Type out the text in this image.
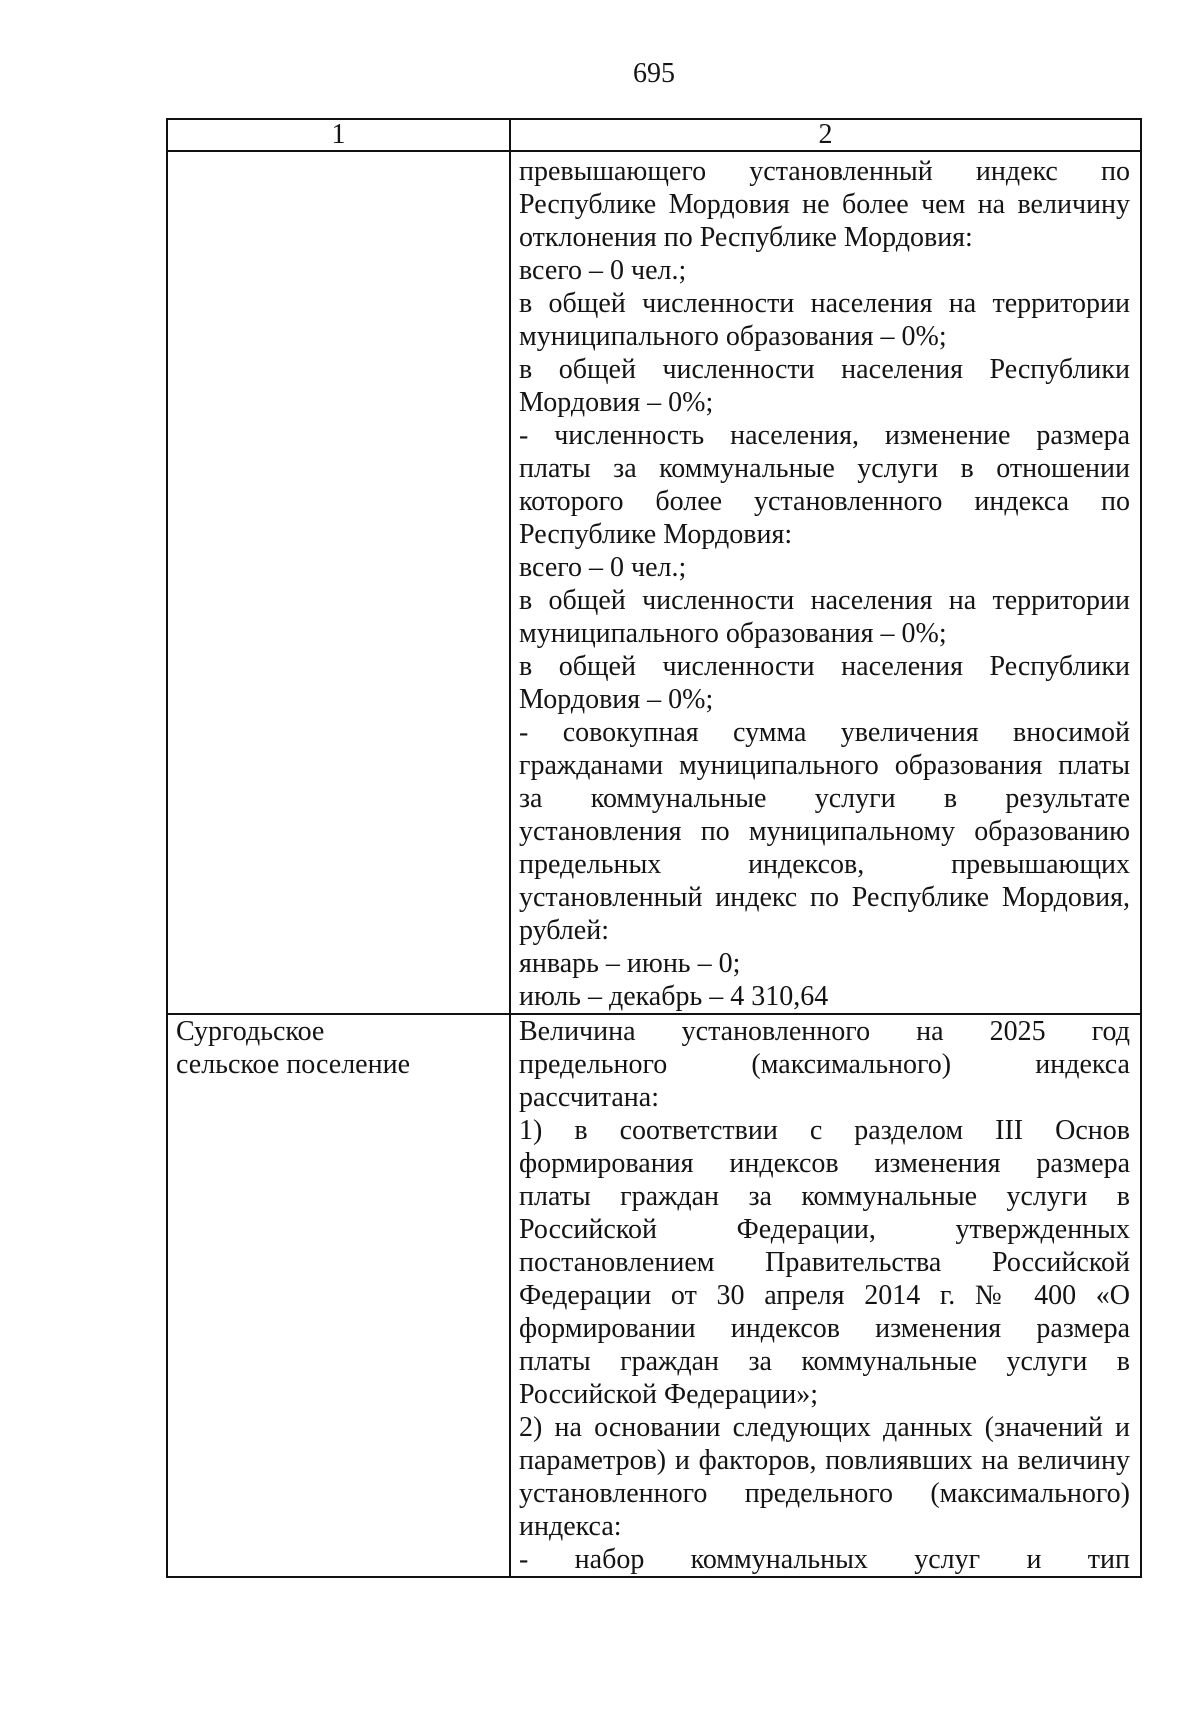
695
1	2
превышающего установленный индекс по
Республике Мордовия не более чем на величину
отклонения по Республике Мордовия:
всего – 0 чел.;
в общей численности населения на территории
муниципального образования – 0%;
в общей численности населения Республики
Мордовия – 0%;
- численность населения, изменение размера
платы за коммунальные услуги в отношении
которого более установленного индекса по
Республике Мордовия:
всего – 0 чел.;
в общей численности населения на территории
муниципального образования – 0%;
в общей численности населения Республики
Мордовия – 0%;
- совокупная сумма увеличения вносимой
гражданами муниципального образования платы
за коммунальные услуги в результате
установления по муниципальному образованию
предельных индексов, превышающих
установленный индекс по Республике Мордовия,
рублей:
январь – июнь – 0;
июль – декабрь – 4 310,64
Сургодьское
сельское поселение
Величина установленного на 2025 год
предельного (максимального) индекса
рассчитана:
1) в соответствии с разделом III Основ
формирования индексов изменения размера
платы граждан за коммунальные услуги в
Российской Федерации, утвержденных
постановлением Правительства Российской
Федерации от 30 апреля 2014 г. № 400 «О
формировании индексов изменения размера
платы граждан за коммунальные услуги в
Российской Федерации»;
2) на основании следующих данных (значений и
параметров) и факторов, повлиявших на величину
установленного предельного (максимального)
индекса:
- набор коммунальных услуг и тип
